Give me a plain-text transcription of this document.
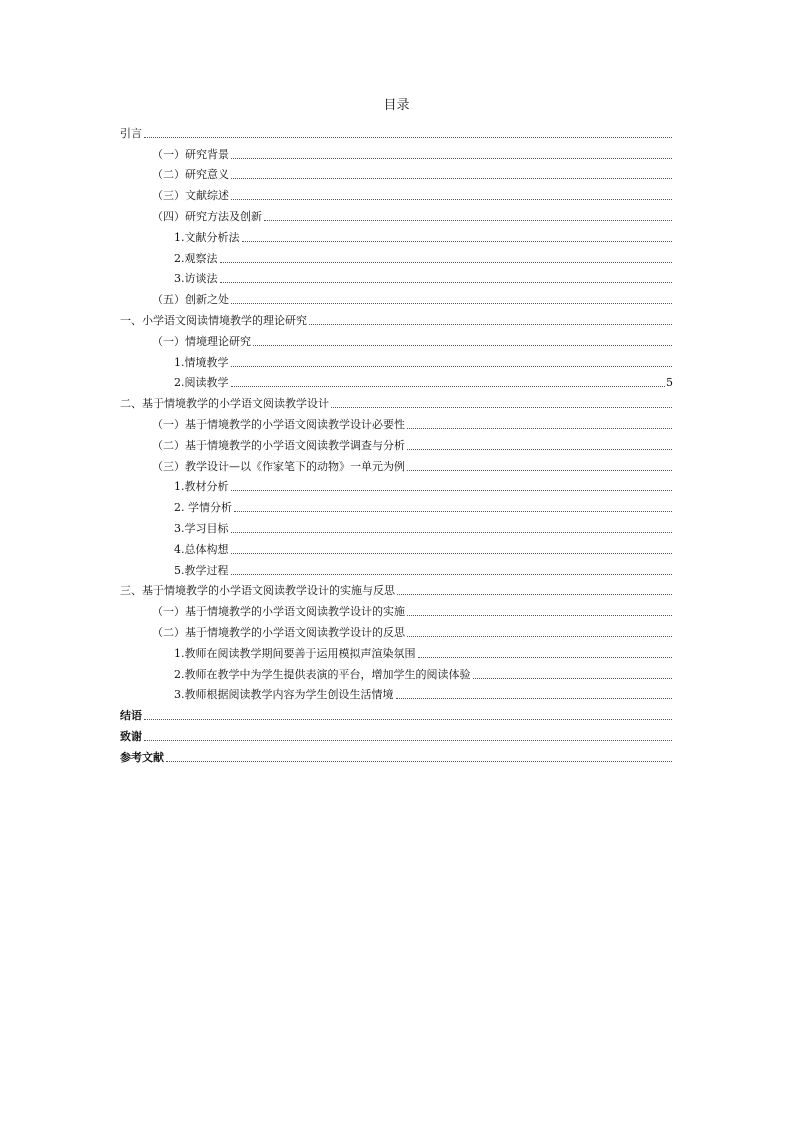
目录
引言
（一）研究背景
（二）研究意义
（三）文献综述
（四）研究方法及创新
1.文献分析法
2.观察法
3.访谈法
（五）创新之处
一、小学语文阅读情境教学的理论研究
（一）情境理论研究
1.情境教学
2.阅读教学	5
二、基于情境教学的小学语文阅读教学设计
（一）基于情境教学的小学语文阅读教学设计必要性
（二）基于情境教学的小学语文阅读教学调查与分析
（三）教学设计—以《作家笔下的动物》一单元为例
1.教材分析
2. 学情分析
3.学习目标
4.总体构想
5.教学过程
三、基于情境教学的小学语文阅读教学设计的实施与反思
（一）基于情境教学的小学语文阅读教学设计的实施
（二）基于情境教学的小学语文阅读教学设计的反思
1.教师在阅读教学期间要善于运用模拟声渲染氛围
2.教师在教学中为学生提供表演的平台，增加学生的阅读体验
3.教师根据阅读教学内容为学生创设生活情境
结语
致谢
参考文献
